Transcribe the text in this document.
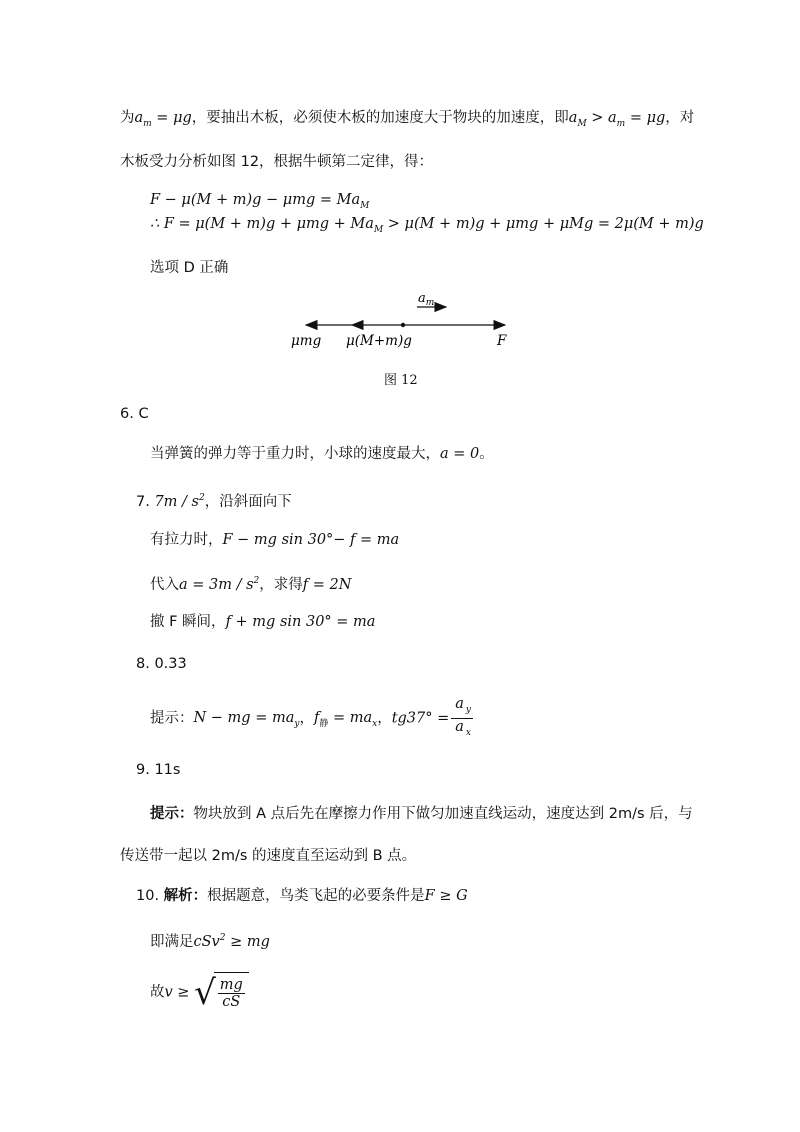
为$a_m = \mu g$，要抽出木板，必须使木板的加速度大于物块的加速度，即$a_M > a_m = \mu g$，对
木板受力分析如图 12，根据牛顿第二定律，得：
$F - \mu(M + m)g - \mu mg = Ma_M$
∴ $F = \mu(M + m)g + \mu mg + Ma_M > \mu(M + m)g + \mu mg + \mu Mg = 2\mu(M + m)g$
选项 D 正确
$a_m$
μmg μ(M+m)g	F
图 12
6. C
当弹簧的弹力等于重力时，小球的速度最大，a = 0。
7. $7m / s^2$，沿斜面向下
有拉力时，F − mg sin 30°− f = ma
代入$a = 3m / s^2$，求得f = 2N
撤 F 瞬间，f + mg sin 30° = ma
8. 0.33
提示：N − mg = $ma_y$，$f_静 = ma_x$，$tg37^\circ = \frac{a _y}{a _x}$
9. 11s
提示：物块放到 A 点后先在摩擦力作用下做匀加速直线运动，速度达到 2m/s 后，与
传送带一起以 2m/s 的速度直至运动到 B 点。
10. 解析：根据题意，鸟类飞起的必要条件是F ≥ G
即满足cSv$^2$ ≥ mg
故v ≥ √ $\frac{mg}{cS}$
